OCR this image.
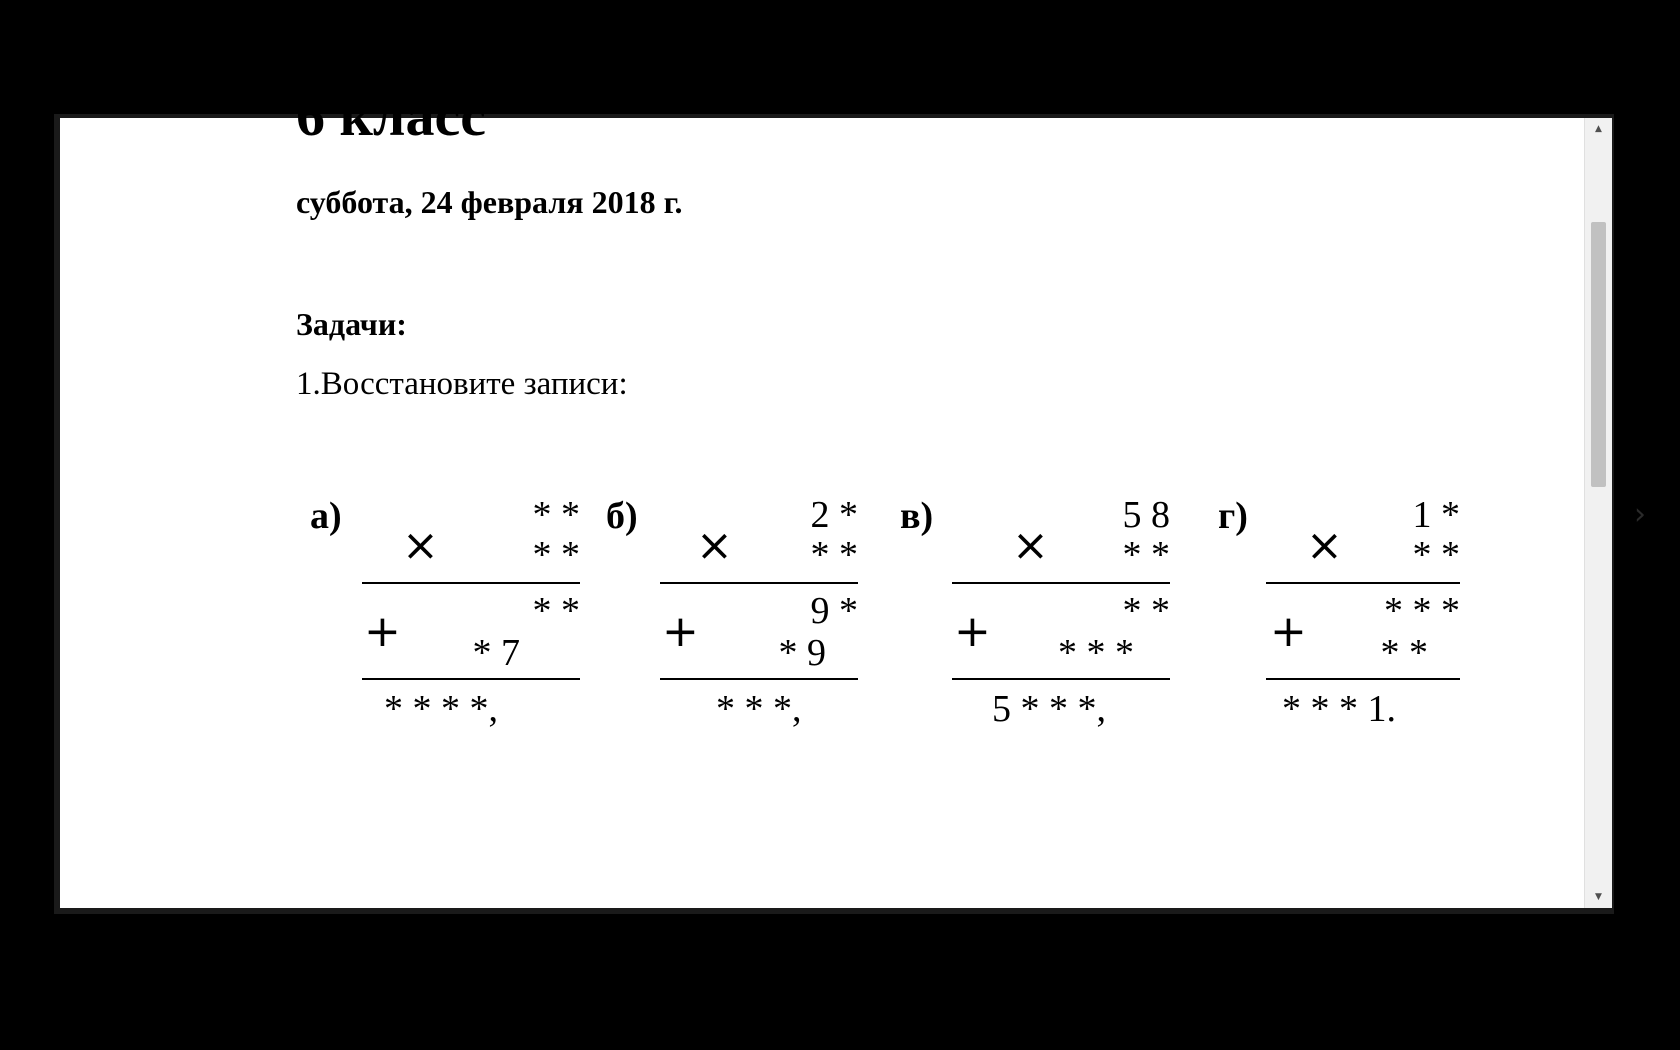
6 класс

суббота, 24 февраля 2018 г.

Задачи:

1.Восстановите записи:

а)	* *
×	* *
* *
+	* 7
* * * *,
б)	2 *
×	* *
9 *
+	* 9
* * *,
в)	5 8
×	* *
* *
+	* * *
5 * * *,
г)	1 *
×	* *
* * *
+	* *
* * * 1.
▲
▼
›
